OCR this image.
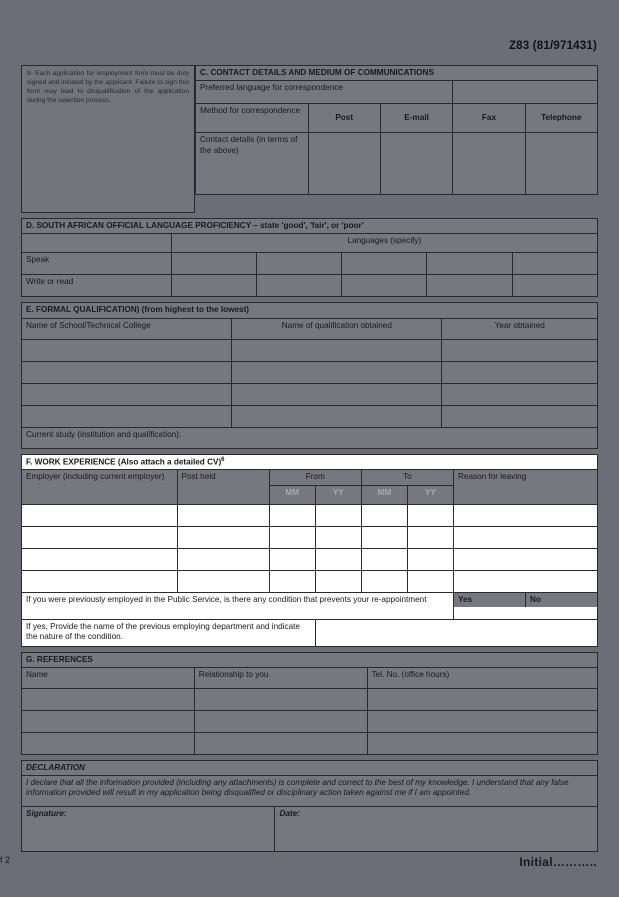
Z83 (81/971431)
8- Each application for employment form must be duly signed and initialed by the applicant. Failure to sign this form may lead to disqualification of the application during the selection process.
C. CONTACT DETAILS AND MEDIUM OF COMMUNICATIONS				
Preferred language for correspondence				
Method for correspondence	Post	E-mail	Fax	Telephone
Contact details (in terms of the above)				
D. SOUTH AFRICAN OFFICIAL LANGUAGE PROFICIENCY – state 'good', 'fair', or 'poor'					
	Languages (specify)				
Speak					
Write or read					
E. FORMAL QUALIFICATION) (from highest to the lowest)		
Name of School/Technical College	Name of qualification obtained	Year obtained

Current study (institution and qualification):		
F. WORK EXPERIENCE (Also attach a detailed CV)$^6$
Employer (including current employer)	Post held	From	To	Reason for leaving
MM	YY	MM	YY

If you were previously employed in the Public Service, is there any condition that prevents your re-appointment		Yes	No

If yes, Provide the name of the previous employing department and indicate the nature of the condition.	
G. REFERENCES		
Name	Relationship to you	Tel. No. (office hours)

DECLARATION
I declare that all the information provided (including any attachments) is complete and correct to the best of my knowledge. I understand that any false information provided will result in my application being disqualified or disciplinary action taken against me if I am appointed.
Signature:	Date:
f 2	Initial………..
